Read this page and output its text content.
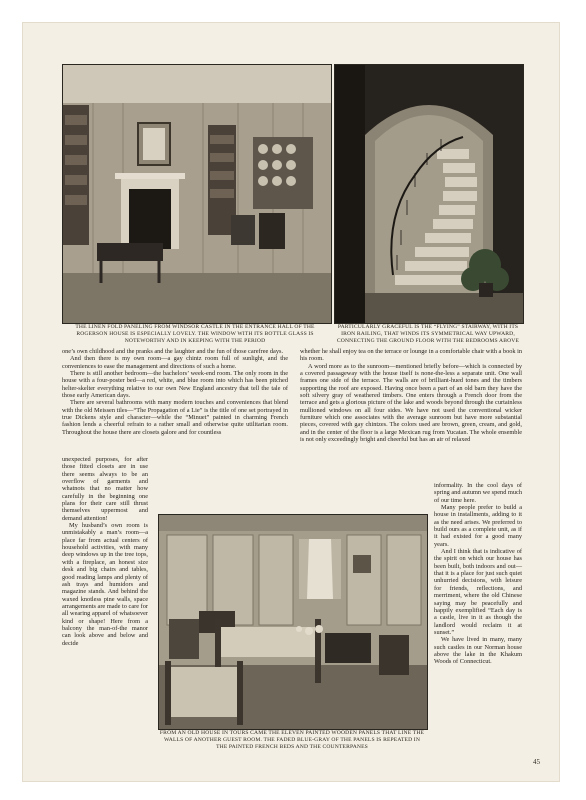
THE LINEN FOLD PANELING FROM WINDSOR CASTLE IN THE ENTRANCE HALL OF THE ROGERSON HOUSE IS ESPECIALLY LOVELY. THE WINDOW WITH ITS BOTTLE GLASS IS NOTEWORTHY AND IN KEEPING WITH THE PERIOD
PARTICULARLY GRACEFUL IS THE “FLYING” STAIRWAY, WITH ITS IRON RAILING, THAT WINDS ITS SYMMETRICAL WAY UPWARD, CONNECTING THE GROUND FLOOR WITH THE BEDROOMS ABOVE

one’s own childhood and the pranks and the laughter and the fun of those carefree days.

And then there is my own room—a gay chintz room full of sunlight, and the conveniences to ease the management and directions of such a home.

There is still another bedroom—the bachelors’ week-end room. The only room in the house with a four-poster bed—a red, white, and blue room into which has been pitched helter-skelter everything relative to our own New England ancestry that tell the tale of those early American days.

There are several bathrooms with many modern touches and conveniences that blend with the old Meissen tiles—“The Propagation of a Lie” is the title of one set portrayed in true Dickens style and character—while the “Minuet” painted in charming French fashion lends a cheerful refrain to a rather small and otherwise quite utilitarian room. Throughout the house there are closets galore and for countless

unexpected purposes, for after those fitted closets are in use there seems always to be an overflow of garments and whatnots that no matter how carefully in the beginning one plans for their care still thrust themselves uppermost and demand attention!

My husband’s own room is unmistakably a man’s room—a place far from actual centers of household activities, with many deep windows up in the tree tops, with a fireplace, an honest size desk and big chairs and tables, good reading lamps and plenty of ash trays and humidors and magazine stands. And behind the waxed knotless pine walls, space arrangements are made to care for all wearing apparel of whatsoever kind or shape! Here from a balcony the man-of-the manor can look above and below and decide

whether he shall enjoy tea on the terrace or lounge in a comfortable chair with a book in his room.

A word more as to the sunroom—mentioned briefly before—which is connected by a covered passageway with the house itself is none-the-less a separate unit. One wall frames one side of the terrace. The walls are of brilliant-hued tones and the timbers supporting the roof are exposed. Having once been a part of an old barn they have the soft silvery gray of weathered timbers. One enters through a French door from the terrace and gets a glorious picture of the lake and woods beyond through the curtainless mullioned windows on all four sides. We have not used the conventional wicker furniture which one associates with the average sunroom but have more substantial pieces, covered with gay chintzes. The colors used are brown, green, cream, and gold, and in the center of the floor is a large Mexican rug from Yucatan. The whole ensemble is not only exceedingly bright and cheerful but has an air of relaxed

informality. In the cool days of spring and autumn we spend much of our time here.

Many people prefer to build a house in installments, adding to it as the need arises. We preferred to build ours as a complete unit, as if it had existed for a good many years.

And I think that is indicative of the spirit on which our house has been built, both indoors and out—that it is a place for just such quiet unhurried decisions, with leisure for friends, reflections, and merriment, where the old Chinese saying may be peacefully and happily exemplified “Each day is a castle, live in it as though the landlord would reclaim it at sunset.”

We have lived in many, many such castles in our Norman house above the lake in the Khakum Woods of Connecticut.

FROM AN OLD HOUSE IN TOURS CAME THE ELEVEN PAINTED WOODEN PANELS THAT LINE THE WALLS OF ANOTHER GUEST ROOM. THE FADED BLUE-GRAY OF THE PANELS IS REPEATED IN THE PAINTED FRENCH BEDS AND THE COUNTERPANES
45
